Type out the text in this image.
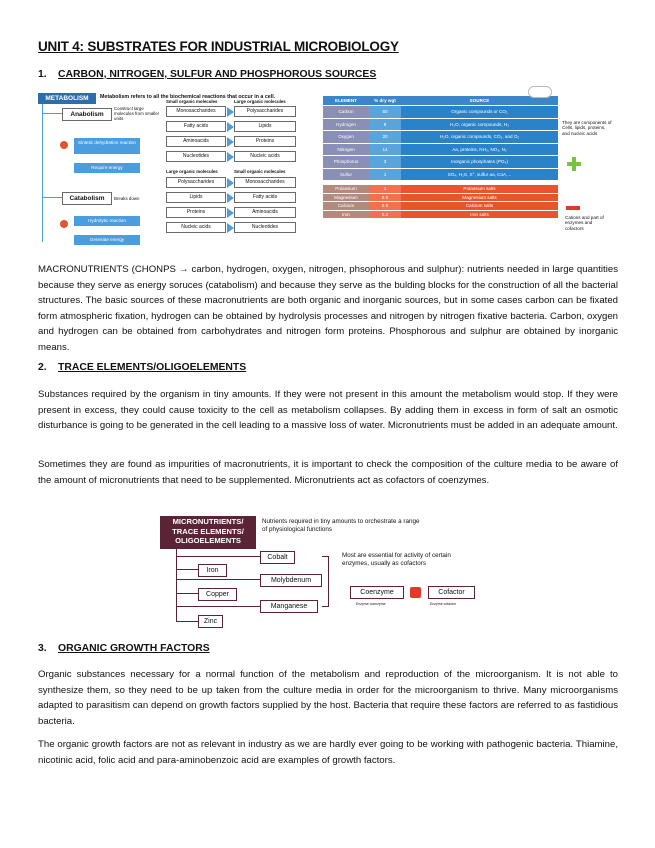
UNIT 4: SUBSTRATES FOR INDUSTRIAL MICROBIOLOGY
1. CARBON, NITROGEN, SULFUR AND PHOSPHOROUS SOURCES
METABOLISM	Metabolism refers to all the biochemical reactions that occur in a cell.
Anabolism
Construct large molecules from smaller units
Sintetic dehydration reaction
Require energy
Catabolism	Breaks down
Hydrolytic reaction
Generate energy
Small organic molecules	Large organic molecules
Monosaccharides	Polysaccharides
Fatty acids	Lipids
Aminoacids	Proteins
Nucleotides	Nucleic acids
Large organic molecules	Small organic molecules
Polysaccharides	Monosaccharides
Lipids	Fatty acids
Proteins	Aminoacids
Nucleic acids	Nucleotides
ELEMENT	% dry wgt	SOURCE
Carbon	50	Organic compounds or CO₂
Hydrogen	8	H₂O, organic compounds, H₂
Oxygen	20	H₂O, organic compounds, CO₂, and O₂
Nitrogen	14	Aa, proteins, NH₃, NO₃, N₂
Phosphorus	3	Inorganic phosphates (PO₄)
Sulfur	1	SO₄, H₂S, S°, sulfur aa, CoA,...

Potassium	1	Potassium salts
Magnesium	0.5	Magnesium salts
Calcium	0.5	Calcium salts
Iron	0.2	Iron salts
They are components of Cells, lipids, proteins, and nucleic acids
Cations and part of enzymes and cofactors
MACRONUTRIENTS (CHONPS → carbon, hydrogen, oxygen, nitrogen, phsophorous and sulphur): nutrients needed in large quantities because they serve as energy soruces (catabolism) and because they serve as the bulding blocks for the construction of all the bacterial structures. The basic sources of these macronutrients are both organic and inorganic sources, but in some cases carbon can be fixated form atmospheric fixation, hydrogen can be obtained by hydrolysis processes and nitrogen by nitrogen fixative bacteria. Carbon, oxygen and hydrogen can be obtained from carbohydrates and nitrogen form proteins. Phosphorous and sulphur are obtained by inorganic means.
2. TRACE ELEMENTS/OLIGOELEMENTS
Substances required by the organism in tiny amounts. If they were not present in this amount the metabolism would stop. If they were present in excess, they could cause toxicity to the cell as metabolism collapses. By adding them in excess in form of salt an osmotic disturbance is going to be generated in the cell leading to a massive loss of water. Micronutrients must be added in an adequate amount.
Sometimes they are found as impurities of macronutrients, it is important to check the composition of the culture media to be aware of the amount of micronutrients that need to be supplemented. Micronutrients act as cofactors of coenzymes.
MICRONUTRIENTS/ TRACE ELEMENTS/ OLIGOELEMENTS
Nutrients required in tiny amounts to orchestrate a range of physiological functions
Cobalt
Iron
Molybdenum
Copper
Manganese
Zinc
Most are essential for activity of certain enzymes, usually as cofactors
Coenzyme
Enzyme coenzyme
Cofactor
Enzyme cofactor
3. ORGANIC GROWTH FACTORS
Organic substances necessary for a normal function of the metabolism and reproduction of the microorganism. It is not able to synthesize them, so they need to be up taken from the culture media in order for the microorganism to thrive. Many microorganisms adapted to parasitism can depend on growth factors supplied by the host. Bacteria that require these factors are referred to as fastidious bacteria.
The organic growth factors are not as relevant in industry as we are hardly ever going to be working with pathogenic bacteria. Thiamine, nicotinic acid, folic acid and para-aminobenzoic acid are examples of growth factors.
